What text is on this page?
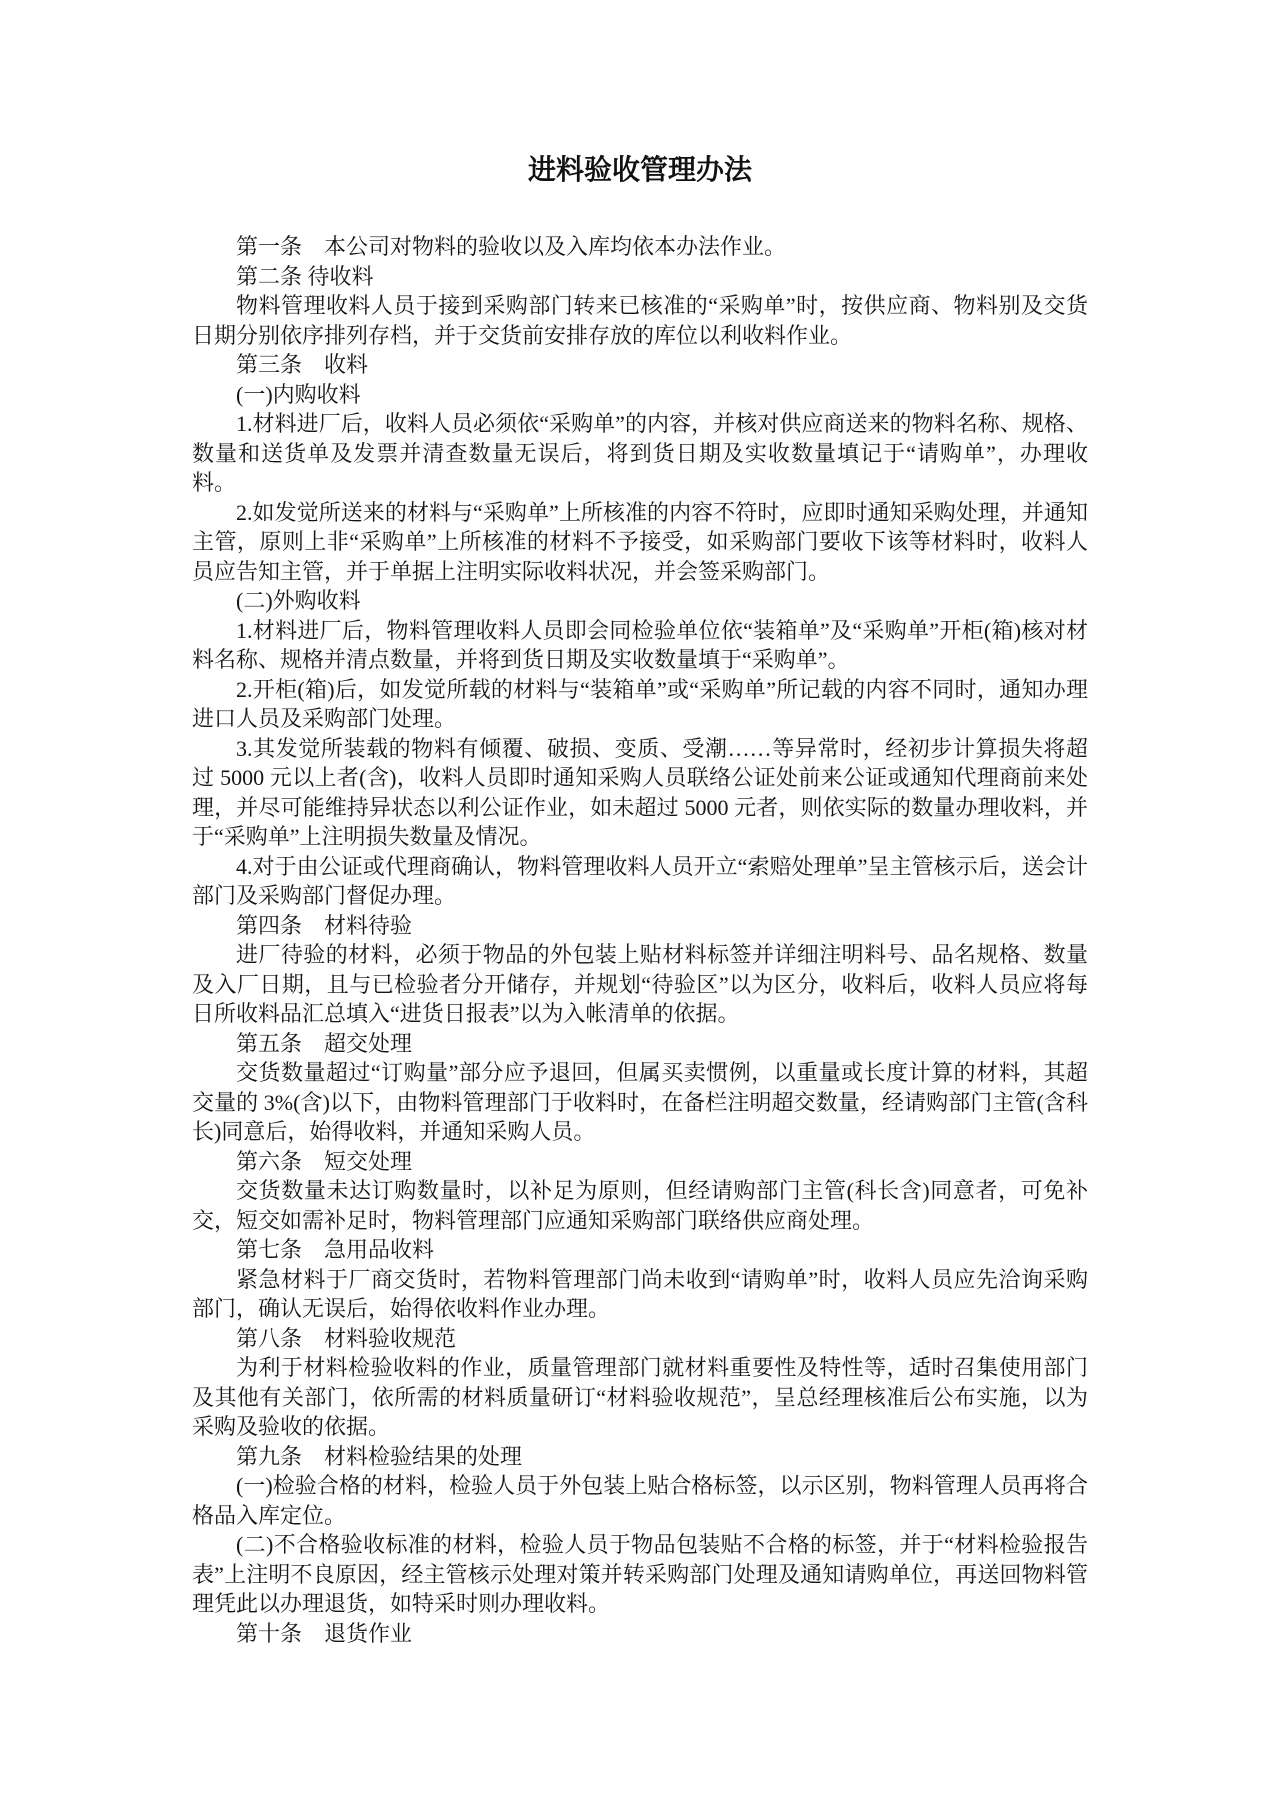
进料验收管理办法

第一条　本公司对物料的验收以及入库均依本办法作业。

第二条 待收料

物料管理收料人员于接到采购部门转来已核准的“采购单”时，按供应商、物料别及交货日期分别依序排列存档，并于交货前安排存放的库位以利收料作业。

第三条　收料

(一)内购收料

1.材料进厂后，收料人员必须依“采购单”的内容，并核对供应商送来的物料名称、规格、数量和送货单及发票并清查数量无误后，将到货日期及实收数量填记于“请购单”，办理收料。

2.如发觉所送来的材料与“采购单”上所核准的内容不符时，应即时通知采购处理，并通知主管，原则上非“采购单”上所核准的材料不予接受，如采购部门要收下该等材料时，收料人员应告知主管，并于单据上注明实际收料状况，并会签采购部门。

(二)外购收料

1.材料进厂后，物料管理收料人员即会同检验单位依“装箱单”及“采购单”开柜(箱)核对材料名称、规格并清点数量，并将到货日期及实收数量填于“采购单”。

2.开柜(箱)后，如发觉所载的材料与“装箱单”或“采购单”所记载的内容不同时，通知办理进口人员及采购部门处理。

3.其发觉所装载的物料有倾覆、破损、变质、受潮……等异常时，经初步计算损失将超过 5000 元以上者(含)，收料人员即时通知采购人员联络公证处前来公证或通知代理商前来处理，并尽可能维持异状态以利公证作业，如未超过 5000 元者，则依实际的数量办理收料，并于“采购单”上注明损失数量及情况。

4.对于由公证或代理商确认，物料管理收料人员开立“索赔处理单”呈主管核示后，送会计部门及采购部门督促办理。

第四条　材料待验

进厂待验的材料，必须于物品的外包装上贴材料标签并详细注明料号、品名规格、数量及入厂日期，且与已检验者分开储存，并规划“待验区”以为区分，收料后，收料人员应将每日所收料品汇总填入“进货日报表”以为入帐清单的依据。

第五条　超交处理

交货数量超过“订购量”部分应予退回，但属买卖惯例，以重量或长度计算的材料，其超交量的 3%(含)以下，由物料管理部门于收料时，在备栏注明超交数量，经请购部门主管(含科长)同意后，始得收料，并通知采购人员。

第六条　短交处理

交货数量未达订购数量时，以补足为原则，但经请购部门主管(科长含)同意者，可免补交，短交如需补足时，物料管理部门应通知采购部门联络供应商处理。

第七条　急用品收料

紧急材料于厂商交货时，若物料管理部门尚未收到“请购单”时，收料人员应先洽询采购部门，确认无误后，始得依收料作业办理。

第八条　材料验收规范

为利于材料检验收料的作业，质量管理部门就材料重要性及特性等，适时召集使用部门及其他有关部门，依所需的材料质量研订“材料验收规范”，呈总经理核准后公布实施，以为采购及验收的依据。

第九条　材料检验结果的处理

(一)检验合格的材料，检验人员于外包装上贴合格标签，以示区别，物料管理人员再将合格品入库定位。

(二)不合格验收标准的材料，检验人员于物品包装贴不合格的标签，并于“材料检验报告表”上注明不良原因，经主管核示处理对策并转采购部门处理及通知请购单位，再送回物料管理凭此以办理退货，如特采时则办理收料。

第十条　退货作业
